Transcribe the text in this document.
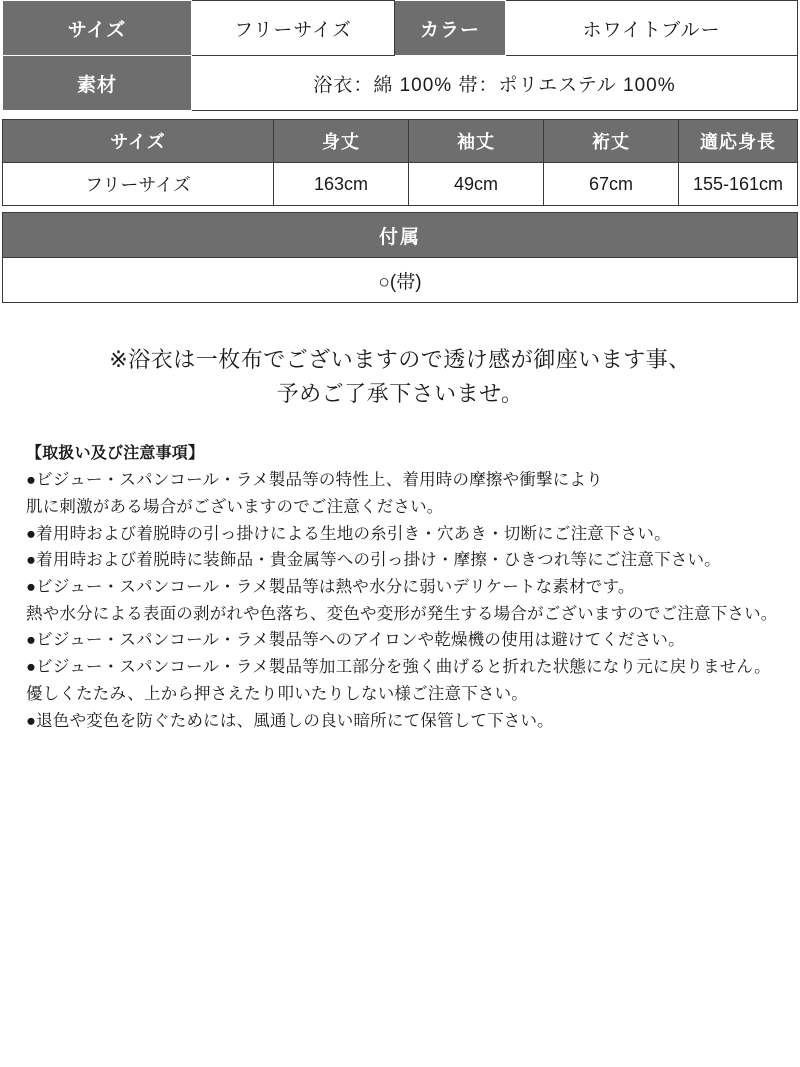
サイズ	フリーサイズ	カラー	ホワイトブルー
素材	浴衣：綿 100% 帯：ポリエステル 100%		
サイズ	身丈	袖丈	裄丈	適応身長
フリーサイズ	163cm	49cm	67cm	155-161cm
付属
○(帯)
※浴衣は一枚布でございますので透け感が御座います事、
予めご了承下さいませ。

【取扱い及び注意事項】

●ビジュー・スパンコール・ラメ製品等の特性上、着用時の摩擦や衝撃により

肌に刺激がある場合がございますのでご注意ください。

●着用時および着脱時の引っ掛けによる生地の糸引き・穴あき・切断にご注意下さい。

●着用時および着脱時に装飾品・貴金属等への引っ掛け・摩擦・ひきつれ等にご注意下さい。

●ビジュー・スパンコール・ラメ製品等は熱や水分に弱いデリケートな素材です。

熱や水分による表面の剥がれや色落ち、変色や変形が発生する場合がございますのでご注意下さい。

●ビジュー・スパンコール・ラメ製品等へのアイロンや乾燥機の使用は避けてください。

●ビジュー・スパンコール・ラメ製品等加工部分を強く曲げると折れた状態になり元に戻りません。

優しくたたみ、上から押さえたり叩いたりしない様ご注意下さい。

●退色や変色を防ぐためには、風通しの良い暗所にて保管して下さい。
